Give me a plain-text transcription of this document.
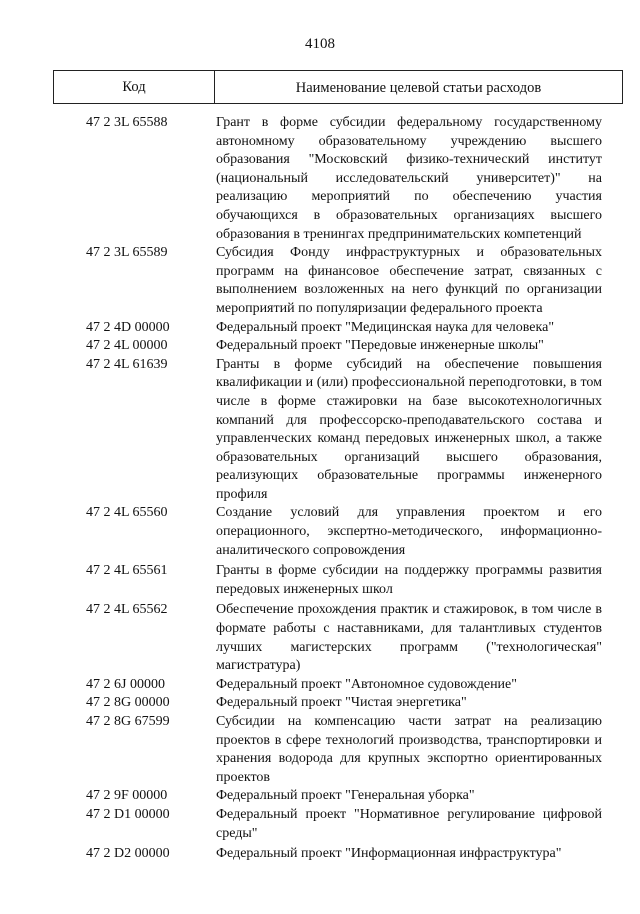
4108
Код	Наименование целевой статьи расходов
47 2 3L 65588	Грант в форме субсидии федеральному государственному автономному образовательному учреждению высшего образования "Московский физико-технический институт (национальный исследовательский университет)" на реализацию мероприятий по обеспечению участия обучающихся в образовательных организациях высшего образования в тренингах предпринимательских компетенций
47 2 3L 65589	Субсидия Фонду инфраструктурных и образовательных программ на финансовое обеспечение затрат, связанных с выполнением возложенных на него функций по организации мероприятий по популяризации федерального проекта
47 2 4D 00000	Федеральный проект "Медицинская наука для человека"
47 2 4L 00000	Федеральный проект "Передовые инженерные школы"
47 2 4L 61639	Гранты в форме субсидий на обеспечение повышения квалификации и (или) профессиональной переподготовки, в том числе в форме стажировки на базе высокотехнологичных компаний для профессорско-преподавательского состава и управленческих команд передовых инженерных школ, а также образовательных организаций высшего образования, реализующих образовательные программы инженерного профиля
47 2 4L 65560	Создание условий для управления проектом и его операционного, экспертно-методического, информационно-аналитического сопровождения
47 2 4L 65561	Гранты в форме субсидии на поддержку программы развития передовых инженерных школ
47 2 4L 65562	Обеспечение прохождения практик и стажировок, в том числе в формате работы с наставниками, для талантливых студентов лучших магистерских программ ("технологическая" магистратура)
47 2 6J 00000	Федеральный проект "Автономное судовождение"
47 2 8G 00000	Федеральный проект "Чистая энергетика"
47 2 8G 67599	Субсидии на компенсацию части затрат на реализацию проектов в сфере технологий производства, транспортировки и хранения водорода для крупных экспортно ориентированных проектов
47 2 9F 00000	Федеральный проект "Генеральная уборка"
47 2 D1 00000	Федеральный проект "Нормативное регулирование цифровой среды"
47 2 D2 00000	Федеральный проект "Информационная инфраструктура"
